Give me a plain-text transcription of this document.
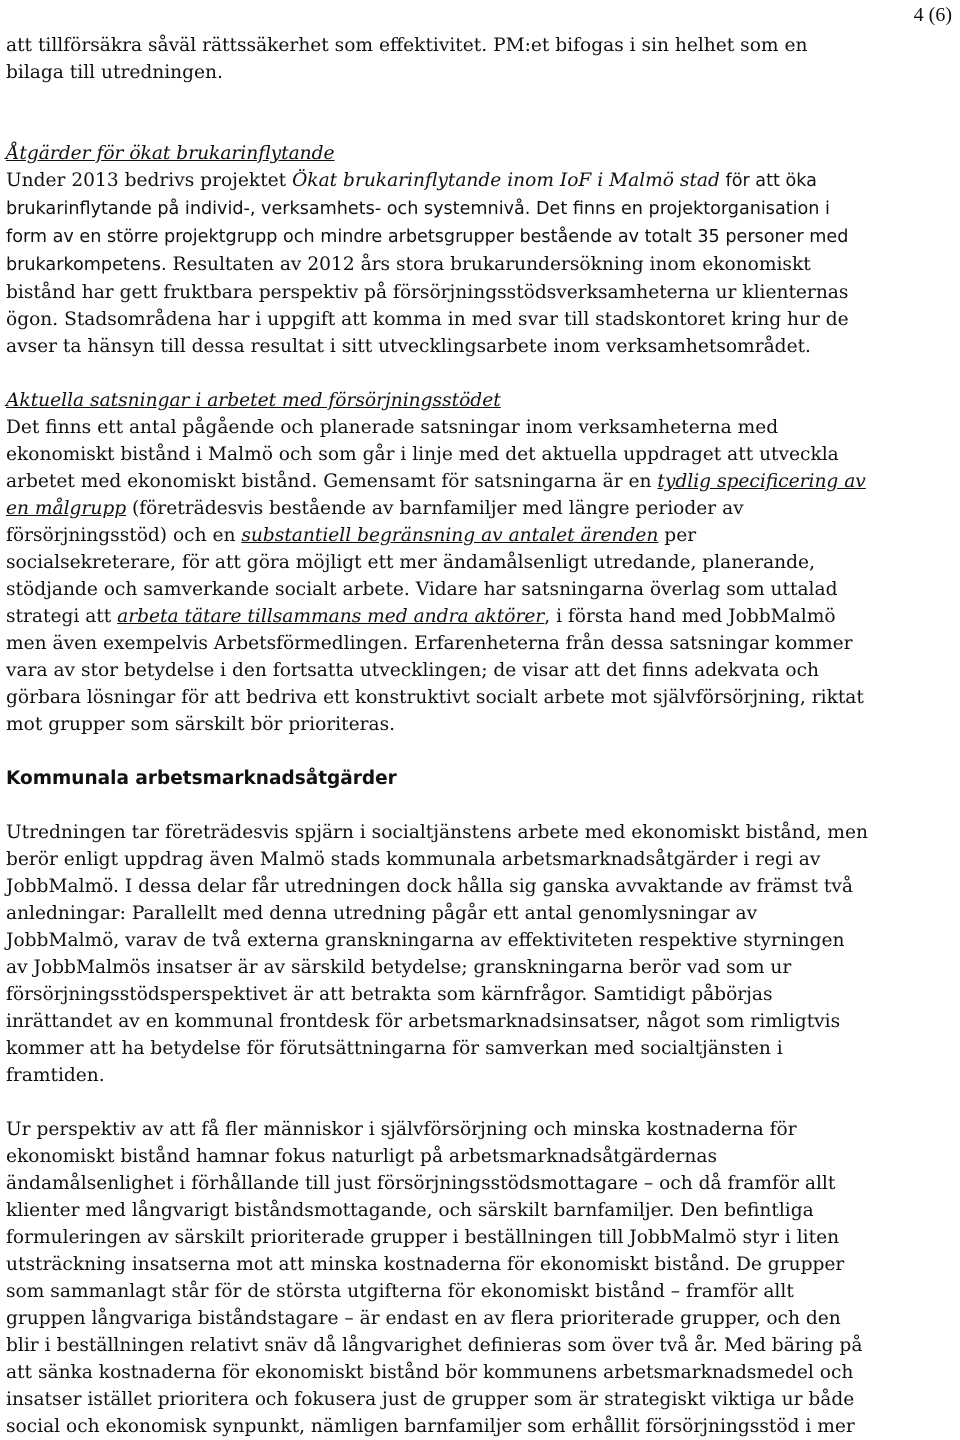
4 (6)

att tillförsäkra såväl rättssäkerhet som effektivitet. PM:et bifogas i sin helhet som en bilaga till utredningen.

Åtgärder för ökat brukarinflytande

Under 2013 bedrivs projektet Ökat brukarinflytande inom IoF i Malmö stad för att öka brukarinflytande på individ-, verksamhets- och systemnivå. Det finns en projektorganisation i form av en större projektgrupp och mindre arbetsgrupper bestående av totalt 35 personer med brukarkompetens. Resultaten av 2012 års stora brukarundersökning inom ekonomiskt bistånd har gett fruktbara perspektiv på försörjningsstödsverksamheterna ur klienternas ögon. Stadsområdena har i uppgift att komma in med svar till stadskontoret kring hur de avser ta hänsyn till dessa resultat i sitt utvecklingsarbete inom verksamhetsområdet.

Aktuella satsningar i arbetet med försörjningsstödet

Det finns ett antal pågående och planerade satsningar inom verksamheterna med ekonomiskt bistånd i Malmö och som går i linje med det aktuella uppdraget att utveckla arbetet med ekonomiskt bistånd. Gemensamt för satsningarna är en tydlig specificering av en målgrupp (företrädesvis bestående av barnfamiljer med längre perioder av försörjningsstöd) och en substantiell begränsning av antalet ärenden per socialsekreterare, för att göra möjligt ett mer ändamålsenligt utredande, planerande, stödjande och samverkande socialt arbete. Vidare har satsningarna överlag som uttalad strategi att arbeta tätare tillsammans med andra aktörer, i första hand med JobbMalmö men även exempelvis Arbetsförmedlingen. Erfarenheterna från dessa satsningar kommer vara av stor betydelse i den fortsatta utvecklingen; de visar att det finns adekvata och görbara lösningar för att bedriva ett konstruktivt socialt arbete mot självförsörjning, riktat mot grupper som särskilt bör prioriteras.

Kommunala arbetsmarknadsåtgärder

Utredningen tar företrädesvis spjärn i socialtjänstens arbete med ekonomiskt bistånd, men berör enligt uppdrag även Malmö stads kommunala arbetsmarknadsåtgärder i regi av JobbMalmö. I dessa delar får utredningen dock hålla sig ganska avvaktande av främst två anledningar: Parallellt med denna utredning pågår ett antal genomlysningar av JobbMalmö, varav de två externa granskningarna av effektiviteten respektive styrningen av JobbMalmös insatser är av särskild betydelse; granskningarna berör vad som ur försörjningsstödsperspektivet är att betrakta som kärnfrågor. Samtidigt påbörjas inrättandet av en kommunal frontdesk för arbetsmarknadsinsatser, något som rimligtvis kommer att ha betydelse för förutsättningarna för samverkan med socialtjänsten i framtiden.

Ur perspektiv av att få fler människor i självförsörjning och minska kostnaderna för ekonomiskt bistånd hamnar fokus naturligt på arbetsmarknadsåtgärdernas ändamålsenlighet i förhållande till just försörjningsstödsmottagare – och då framför allt klienter med långvarigt biståndsmottagande, och särskilt barnfamiljer. Den befintliga formuleringen av särskilt prioriterade grupper i beställningen till JobbMalmö styr i liten utsträckning insatserna mot att minska kostnaderna för ekonomiskt bistånd. De grupper som sammanlagt står för de största utgifterna för ekonomiskt bistånd – framför allt gruppen långvariga biståndstagare – är endast en av flera prioriterade grupper, och den blir i beställningen relativt snäv då långvarighet definieras som över två år. Med bäring på att sänka kostnaderna för ekonomiskt bistånd bör kommunens arbetsmarknadsmedel och insatser istället prioritera och fokusera just de grupper som är strategiskt viktiga ur både social och ekonomisk synpunkt, nämligen barnfamiljer som erhållit försörjningsstöd i mer
